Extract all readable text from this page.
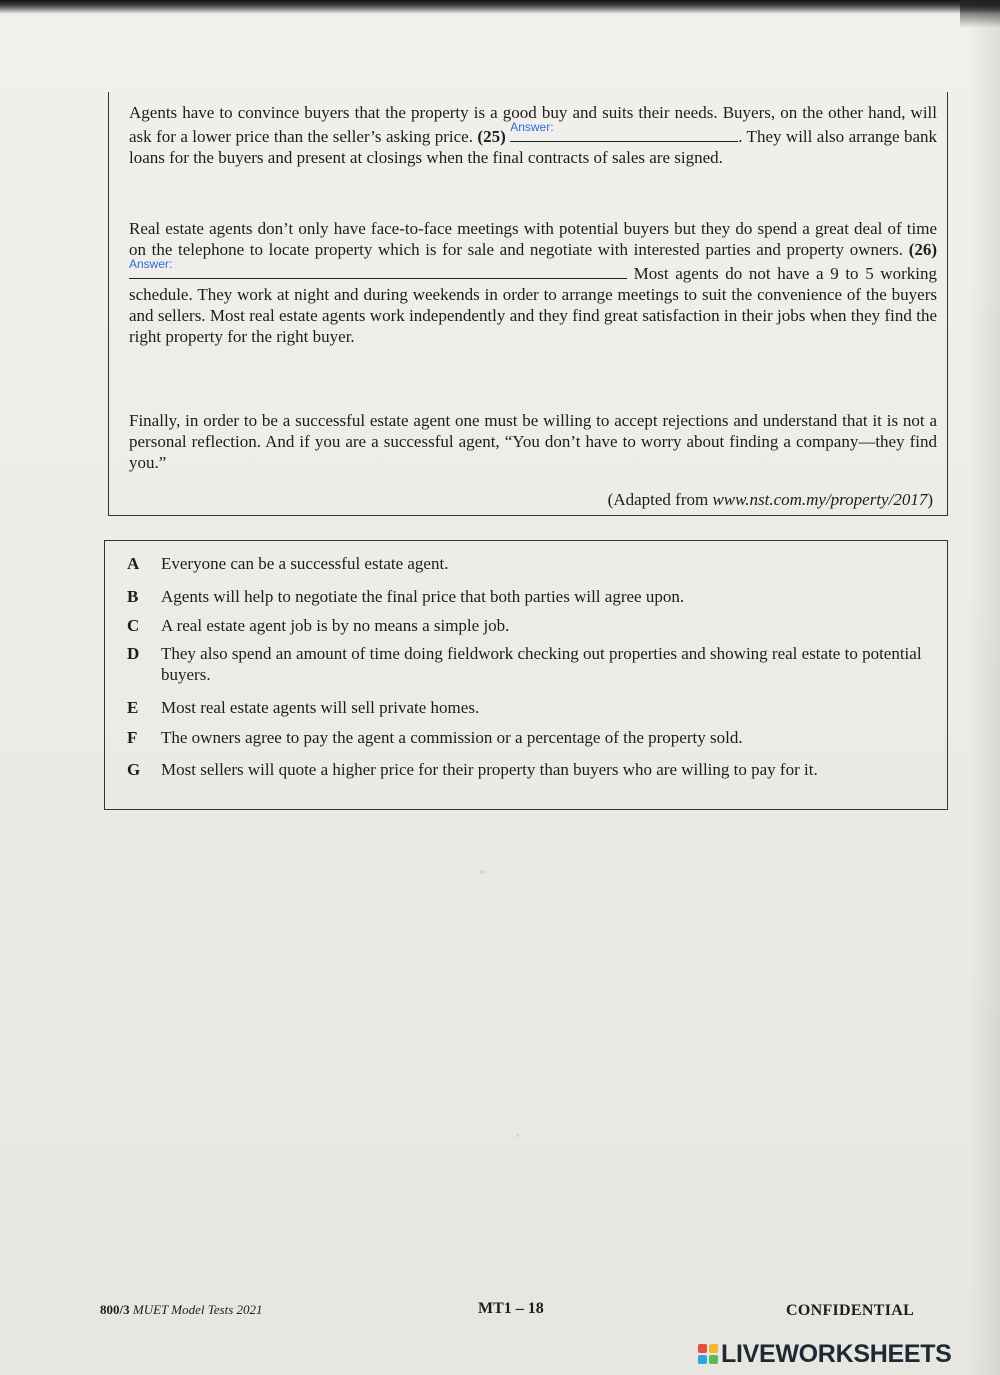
Agents have to convince buyers that the property is a good buy and suits their needs. Buyers, on the other hand, will ask for a lower price than the seller’s asking price. (25) Answer:	. They will also arrange bank loans for the buyers and present at closings when the final contracts of sales are signed.

Real estate agents don’t only have face-to-face meetings with potential buyers but they do spend a great deal of time on the telephone to locate property which is for sale and negotiate with interested parties and property owners. (26)
Answer:	Most agents do not have a 9 to 5 working schedule. They work at night and during weekends in order to arrange meetings to suit the convenience of the buyers and sellers. Most real estate agents work independently and they find great satisfaction in their jobs when they find the right property for the right buyer.

Finally, in order to be a successful estate agent one must be willing to accept rejections and understand that it is not a personal reflection. And if you are a successful agent, “You don’t have to worry about finding a company—they find you.”

(Adapted from www.nst.com.my/property/2017)
A	Everyone can be a successful estate agent.
B	Agents will help to negotiate the final price that both parties will agree upon.
C	A real estate agent job is by no means a simple job.
D	They also spend an amount of time doing fieldwork checking out properties and showing real estate to potential buyers.
E	Most real estate agents will sell private homes.
F	The owners agree to pay the agent a commission or a percentage of the property sold.
G	Most sellers will quote a higher price for their property than buyers who are willing to pay for it.
800/3 MUET Model Tests 2021	MT1 – 18	CONFIDENTIAL
LIVEWORKSHEETS
